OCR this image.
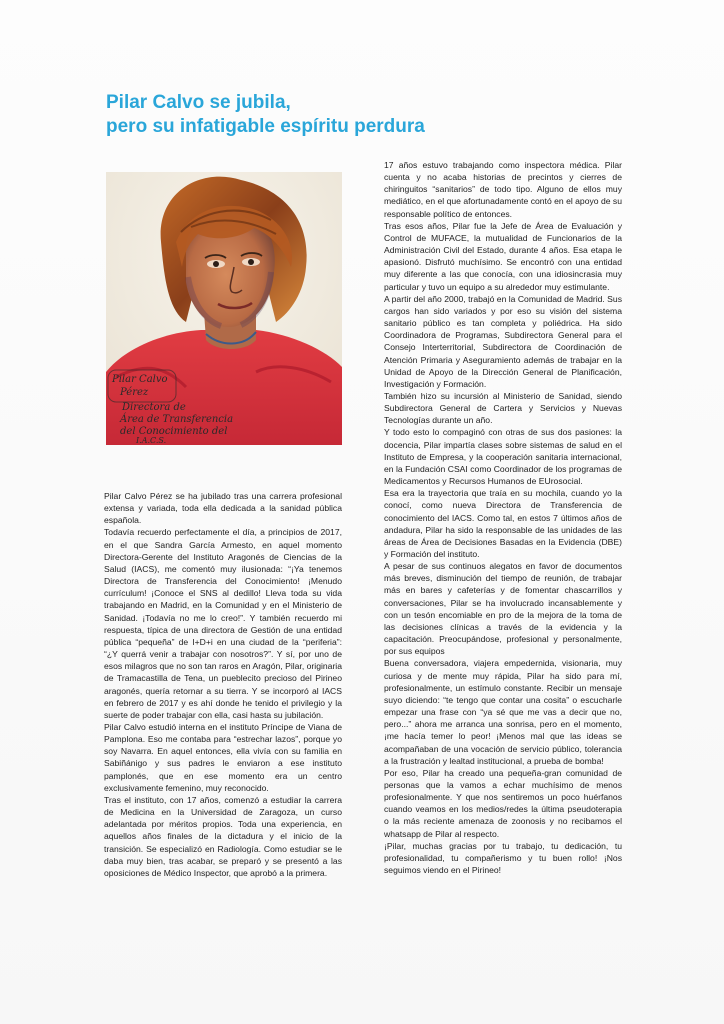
Pilar Calvo se jubila,
pero su infatigable espíritu perdura
Pilar Calvo
Pérez
Directora de
Área de Transferencia
del Conocimiento del
I.A.C.S.

Pilar Calvo Pérez se ha jubilado tras una carrera profesional extensa y variada, toda ella dedicada a la sanidad pública española.

Todavía recuerdo perfectamente el día, a principios de 2017, en el que Sandra García Armesto, en aquel momento Directora-Gerente del Instituto Aragonés de Ciencias de la Salud (IACS), me comentó muy ilusionada: “¡Ya tenemos Directora de Transferencia del Conocimiento! ¡Menudo currículum! ¡Conoce el SNS al dedillo! Lleva toda su vida trabajando en Madrid, en la Comunidad y en el Ministerio de Sanidad. ¡Todavía no me lo creo!”. Y también recuerdo mi respuesta, típica de una directora de Gestión de una entidad pública “pequeña” de I+D+i en una ciudad de la “periferia”: “¿Y querrá venir a trabajar con nosotros?”. Y sí, por uno de esos milagros que no son tan raros en Aragón, Pilar, originaria de Tramacastilla de Tena, un pueblecito precioso del Pirineo aragonés, quería retornar a su tierra. Y se incorporó al IACS en febrero de 2017 y es ahí donde he tenido el privilegio y la suerte de poder trabajar con ella, casi hasta su jubilación.

Pilar Calvo estudió interna en el instituto Príncipe de Viana de Pamplona. Eso me contaba para “estrechar lazos”, porque yo soy Navarra. En aquel entonces, ella vivía con su familia en Sabiñánigo y sus padres le enviaron a ese instituto pamplonés, que en ese momento era un centro exclusivamente femenino, muy reconocido.

Tras el instituto, con 17 años, comenzó a estudiar la carrera de Medicina en la Universidad de Zaragoza, un curso adelantada por méritos propios. Toda una experiencia, en aquellos años finales de la dictadura y el inicio de la transición. Se especializó en Radiología. Como estudiar se le daba muy bien, tras acabar, se preparó y se presentó a las oposiciones de Médico Inspector, que aprobó a la primera.

17 años estuvo trabajando como inspectora médica. Pilar cuenta y no acaba historias de precintos y cierres de chiringuitos “sanitarios” de todo tipo. Alguno de ellos muy mediático, en el que afortunadamente contó en el apoyo de su responsable político de entonces.

Tras esos años, Pilar fue la Jefe de Área de Evaluación y Control de MUFACE, la mutualidad de Funcionarios de la Administración Civil del Estado, durante 4 años. Esa etapa le apasionó. Disfrutó muchísimo. Se encontró con una entidad muy diferente a las que conocía, con una idiosincrasia muy particular y tuvo un equipo a su alrededor muy estimulante.

A partir del año 2000, trabajó en la Comunidad de Madrid. Sus cargos han sido variados y por eso su visión del sistema sanitario público es tan completa y poliédrica. Ha sido Coordinadora de Programas, Subdirectora General para el Consejo Interterritorial, Subdirectora de Coordinación de Atención Primaria y Aseguramiento además de trabajar en la Unidad de Apoyo de la Dirección General de Planificación, Investigación y Formación.

También hizo su incursión al Ministerio de Sanidad, siendo Subdirectora General de Cartera y Servicios y Nuevas Tecnologías durante un año.

Y todo esto lo compaginó con otras de sus dos pasiones: la docencia, Pilar impartía clases sobre sistemas de salud en el Instituto de Empresa, y la cooperación sanitaria internacional, en la Fundación CSAI como Coordinador de los programas de Medicamentos y Recursos Humanos de EUrosocial.

Esa era la trayectoria que traía en su mochila, cuando yo la conocí, como nueva Directora de Transferencia de conocimiento del IACS. Como tal, en estos 7 últimos años de andadura, Pilar ha sido la responsable de las unidades de las áreas de Área de Decisiones Basadas en la Evidencia (DBE) y Formación del instituto.

A pesar de sus continuos alegatos en favor de documentos más breves, disminución del tiempo de reunión, de trabajar más en bares y cafeterías y de fomentar chascarrillos y conversaciones, Pilar se ha involucrado incansablemente y con un tesón encomiable en pro de la mejora de la toma de las decisiones clínicas a través de la evidencia y la capacitación. Preocupándose, profesional y personalmente, por sus equipos

Buena conversadora, viajera empedernida, visionaria, muy curiosa y de mente muy rápida, Pilar ha sido para mí, profesionalmente, un estímulo constante. Recibir un mensaje suyo diciendo: “te tengo que contar una cosita” o escucharle empezar una frase con “ya sé que me vas a decir que no, pero...” ahora me arranca una sonrisa, pero en el momento, ¡me hacía temer lo peor! ¡Menos mal que las ideas se acompañaban de una vocación de servicio público, tolerancia a la frustración y lealtad institucional, a prueba de bomba!

Por eso, Pilar ha creado una pequeña-gran comunidad de personas que la vamos a echar muchísimo de menos profesionalmente. Y que nos sentiremos un poco huérfanos cuando veamos en los medios/redes la última pseudoterapia o la más reciente amenaza de zoonosis y no recibamos el whatsapp de Pilar al respecto.

¡Pilar, muchas gracias por tu trabajo, tu dedicación, tu profesionalidad, tu compañerismo y tu buen rollo! ¡Nos seguimos viendo en el Pirineo!
